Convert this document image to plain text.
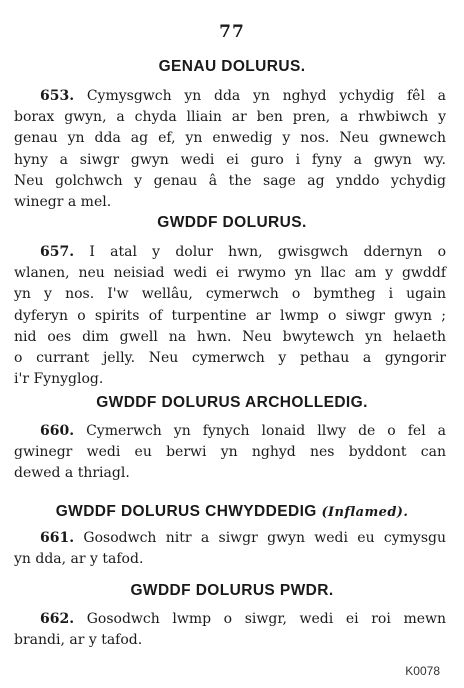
77
GENAU DOLURUS.
653. Cymysgwch yn dda yn nghyd ychydig fêl a
borax gwyn, a chyda lliain ar ben pren, a rhwbiwch y
genau yn dda ag ef, yn enwedig y nos. Neu gwnewch
hyny a siwgr gwyn wedi ei guro i fyny a gwyn wy.
Neu golchwch y genau â the sage ag ynddo ychydig
winegr a mel.
GWDDF DOLURUS.
657. I atal y dolur hwn, gwisgwch ddernyn o
wlanen, neu neisiad wedi ei rwymo yn llac am y gwddf
yn y nos. I'w wellâu, cymerwch o bymtheg i ugain
dyferyn o spirits of turpentine ar lwmp o siwgr gwyn ;
nid oes dim gwell na hwn. Neu bwytewch yn helaeth
o currant jelly. Neu cymerwch y pethau a gyngorir
i'r Fynyglog.
GWDDF DOLURUS ARCHOLLEDIG.
660. Cymerwch yn fynych lonaid llwy de o fel a
gwinegr wedi eu berwi yn nghyd nes byddont can
dewed a thriagl.
GWDDF DOLURUS CHWYDDEDIG (Inflamed).
661. Gosodwch nitr a siwgr gwyn wedi eu cymysgu
yn dda, ar y tafod.
GWDDF DOLURUS PWDR.
662. Gosodwch lwmp o siwgr, wedi ei roi mewn
brandi, ar y tafod.
K0078
